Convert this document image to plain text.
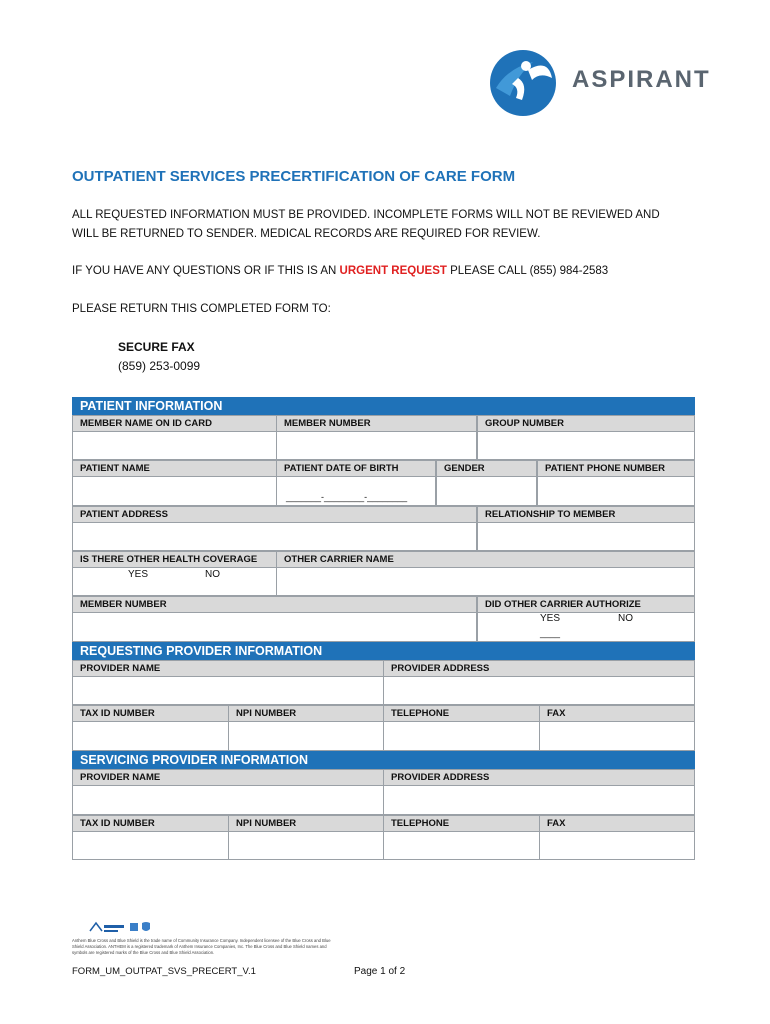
ASPIRANT
OUTPATIENT SERVICES PRECERTIFICATION OF CARE FORM
ALL REQUESTED INFORMATION MUST BE PROVIDED. INCOMPLETE FORMS WILL NOT BE REVIEWED AND
WILL BE RETURNED TO SENDER. MEDICAL RECORDS ARE REQUIRED FOR REVIEW.
IF YOU HAVE ANY QUESTIONS OR IF THIS IS AN URGENT REQUEST PLEASE CALL (855) 984-2583
PLEASE RETURN THIS COMPLETED FORM TO:
SECURE FAX
(859) 253-0099
PATIENT INFORMATION
MEMBER NAME ON ID CARD	MEMBER NUMBER	GROUP NUMBER
PATIENT NAME	PATIENT DATE OF BIRTH	GENDER	PATIENT PHONE NUMBER
_______-________-________
PATIENT ADDRESS	RELATIONSHIP TO MEMBER
IS THERE OTHER HEALTH COVERAGE	OTHER CARRIER NAME
YES	NO
MEMBER NUMBER	DID OTHER CARRIER AUTHORIZE
YES	NO
____
REQUESTING PROVIDER INFORMATION
PROVIDER NAME	PROVIDER ADDRESS
TAX ID NUMBER	NPI NUMBER	TELEPHONE	FAX
SERVICING PROVIDER INFORMATION
PROVIDER NAME	PROVIDER ADDRESS
TAX ID NUMBER	NPI NUMBER	TELEPHONE	FAX
Anthem Blue Cross and Blue Shield is the trade name of Community Insurance Company. Independent licensee of the Blue Cross and Blue Shield Association. ANTHEM is a registered trademark of Anthem Insurance Companies, Inc. The Blue Cross and Blue Shield names and symbols are registered marks of the Blue Cross and Blue Shield Association.
FORM_UM_OUTPAT_SVS_PRECERT_V.1	Page 1 of 2
